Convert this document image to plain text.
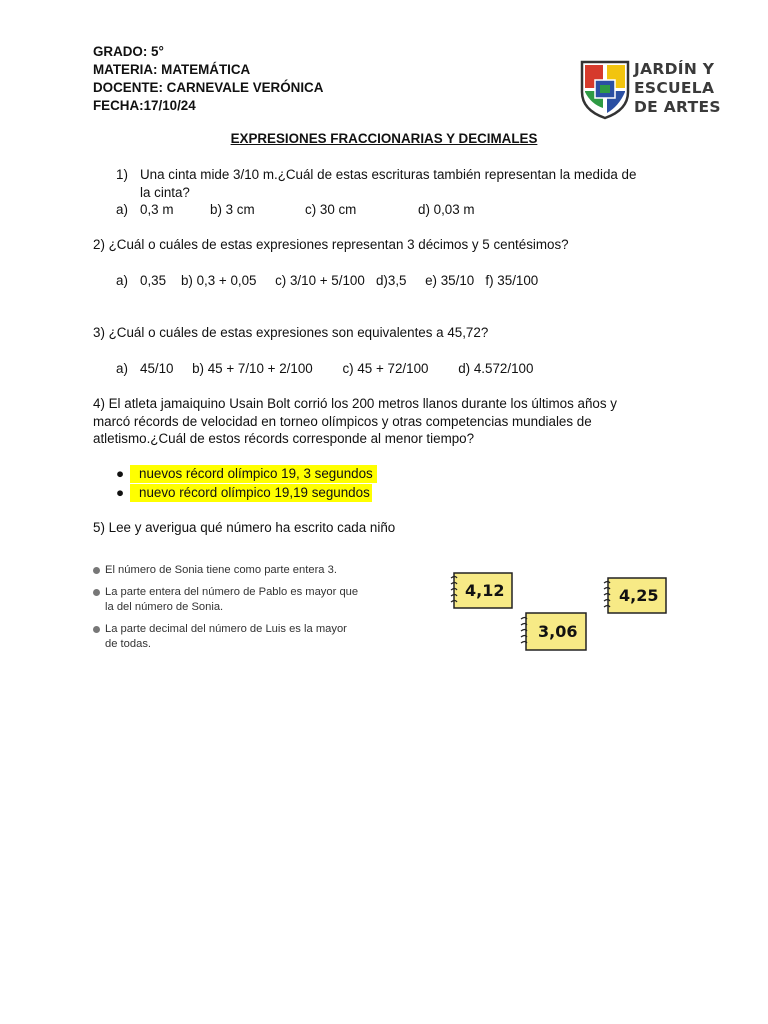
GRADO: 5°
MATERIA: MATEMÁTICA
DOCENTE: CARNEVALE VERÓNICA
FECHA:17/10/24
JARDÍN Y
ESCUELA
DE ARTES
EXPRESIONES FRACCIONARIAS Y DECIMALES
1) Una cinta mide 3/10 m.¿Cuál de estas escrituras también representan la medida de
la cinta?
a) 0,3 m	b) 3 cm	c) 30 cm	d) 0,03 m
2) ¿Cuál o cuáles de estas expresiones representan 3 décimos y 5 centésimos?
a) 0,35    b) 0,3 + 0,05     c) 3/10 + 5/100   d)3,5     e) 35/10   f) 35/100
3) ¿Cuál o cuáles de estas expresiones son equivalentes a 45,72?
a) 45/10     b) 45 + 7/10 + 2/100        c) 45 + 72/100        d) 4.572/100
4) El atleta jamaiquino Usain Bolt corrió los 200 metros llanos durante los últimos años y
marcó récords de velocidad en torneo olímpicos y otras competencias mundiales de
atletismo.¿Cuál de estos récords corresponde al menor tiempo?
●	nuevos récord olímpico 19, 3 segundos
●	nuevo récord olímpico 19,19 segundos
5) Lee y averigua qué número ha escrito cada niño
El número de Sonia tiene como parte entera 3.
La parte entera del número de Pablo es mayor que
la del número de Sonia.
La parte decimal del número de Luis es la mayor
de todas.
4,12	4,25
3,06
